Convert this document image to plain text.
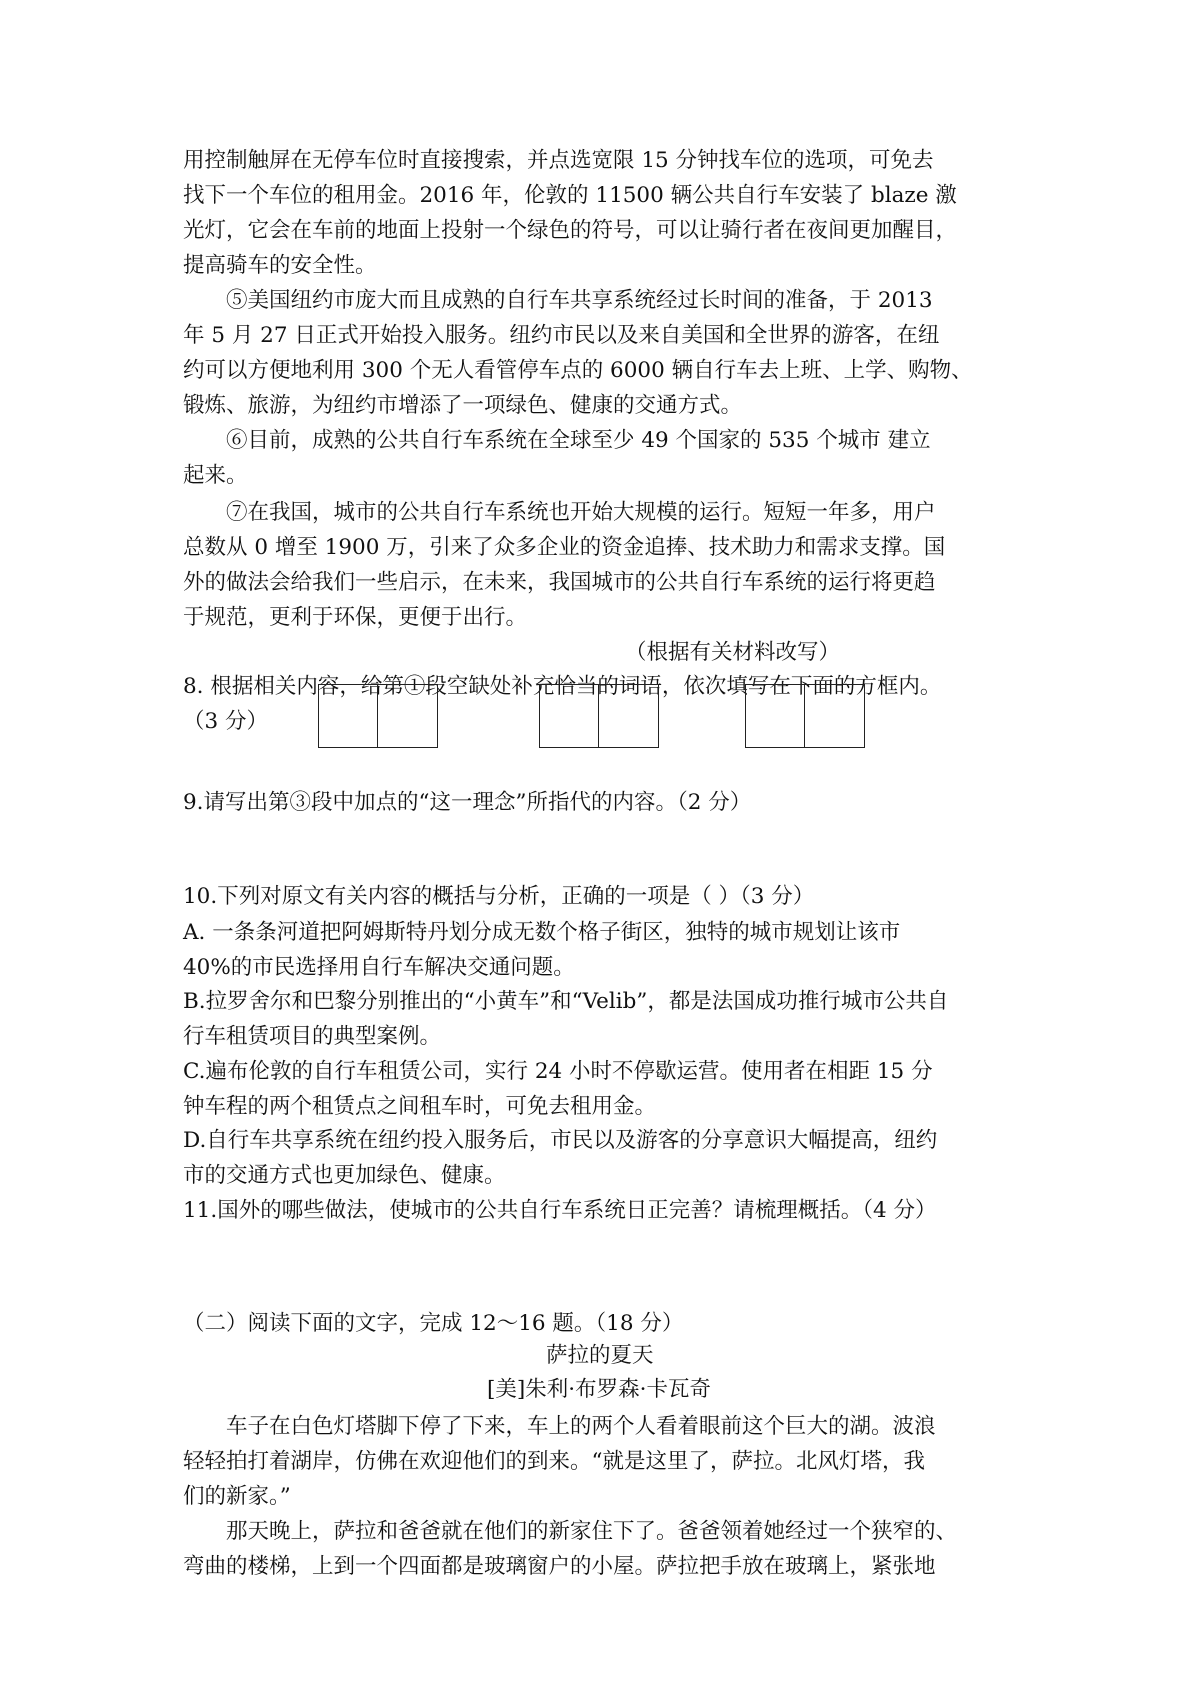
用控制触屏在无停车位时直接搜索，并点选宽限 15 分钟找车位的选项，可免去
找下一个车位的租用金。2016 年，伦敦的 11500 辆公共自行车安装了 blaze 激
光灯，它会在车前的地面上投射一个绿色的符号，可以让骑行者在夜间更加醒目，
提高骑车的安全性。
⑤美国纽约市庞大而且成熟的自行车共享系统经过长时间的准备，于 2013
年 5 月 27 日正式开始投入服务。纽约市民以及来自美国和全世界的游客，在纽
约可以方便地利用 300 个无人看管停车点的 6000 辆自行车去上班、上学、购物、
锻炼、旅游，为纽约市增添了一项绿色、健康的交通方式。
⑥目前，成熟的公共自行车系统在全球至少 49 个国家的 535 个城市 建立
起来。
⑦在我国，城市的公共自行车系统也开始大规模的运行。短短一年多，用户
总数从 0 增至 1900 万，引来了众多企业的资金追捧、技术助力和需求支撑。国
外的做法会给我们一些启示，在未来，我国城市的公共自行车系统的运行将更趋
于规范，更利于环保，更便于出行。
（根据有关材料改写）
8. 根据相关内容，给第①段空缺处补充恰当的词语，依次填写在下面的方框内。
（3 分）
9.请写出第③段中加点的“这一理念”所指代的内容。（2 分）
10.下列对原文有关内容的概括与分析，正确的一项是（ ）（3 分）
A. 一条条河道把阿姆斯特丹划分成无数个格子街区，独特的城市规划让该市
40%的市民选择用自行车解决交通问题。
B.拉罗舍尔和巴黎分别推出的“小黄车”和“Velib”，都是法国成功推行城市公共自
行车租赁项目的典型案例。
C.遍布伦敦的自行车租赁公司，实行 24 小时不停歇运营。使用者在相距 15 分
钟车程的两个租赁点之间租车时，可免去租用金。
D.自行车共享系统在纽约投入服务后，市民以及游客的分享意识大幅提高，纽约
市的交通方式也更加绿色、健康。
11.国外的哪些做法，使城市的公共自行车系统日正完善？请梳理概括。（4 分）
（二）阅读下面的文字，完成 12～16 题。（18 分）
萨拉的夏天
[美]朱利·布罗森·卡瓦奇
车子在白色灯塔脚下停了下来，车上的两个人看着眼前这个巨大的湖。波浪
轻轻拍打着湖岸，仿佛在欢迎他们的到来。“就是这里了，萨拉。北风灯塔，我
们的新家。”
那天晚上，萨拉和爸爸就在他们的新家住下了。爸爸领着她经过一个狭窄的、
弯曲的楼梯，上到一个四面都是玻璃窗户的小屋。萨拉把手放在玻璃上，紧张地
